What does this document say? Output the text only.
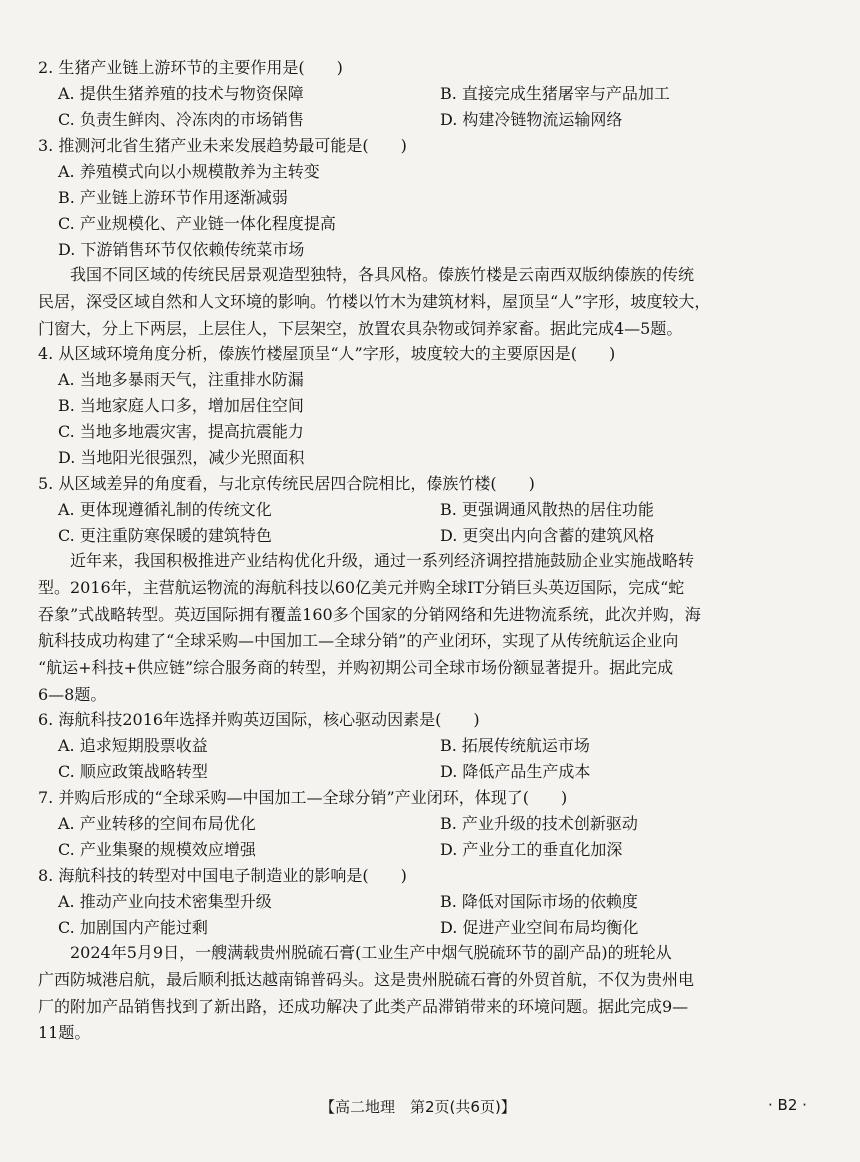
2. 生猪产业链上游环节的主要作用是(　　)
A. 提供生猪养殖的技术与物资保障	B. 直接完成生猪屠宰与产品加工
C. 负责生鲜肉、冷冻肉的市场销售	D. 构建冷链物流运输网络
3. 推测河北省生猪产业未来发展趋势最可能是(　　)
A. 养殖模式向以小规模散养为主转变
B. 产业链上游环节作用逐渐减弱
C. 产业规模化、产业链一体化程度提高
D. 下游销售环节仅依赖传统菜市场
　　我国不同区域的传统民居景观造型独特，各具风格。傣族竹楼是云南西双版纳傣族的传统
民居，深受区域自然和人文环境的影响。竹楼以竹木为建筑材料，屋顶呈“人”字形，坡度较大，
门窗大，分上下两层，上层住人，下层架空，放置农具杂物或饲养家畜。据此完成4—5题。
4. 从区域环境角度分析，傣族竹楼屋顶呈“人”字形，坡度较大的主要原因是(　　)
A. 当地多暴雨天气，注重排水防漏
B. 当地家庭人口多，增加居住空间
C. 当地多地震灾害，提高抗震能力
D. 当地阳光很强烈，减少光照面积
5. 从区域差异的角度看，与北京传统民居四合院相比，傣族竹楼(　　)
A. 更体现遵循礼制的传统文化	B. 更强调通风散热的居住功能
C. 更注重防寒保暖的建筑特色	D. 更突出内向含蓄的建筑风格
　　近年来，我国积极推进产业结构优化升级，通过一系列经济调控措施鼓励企业实施战略转
型。2016年，主营航运物流的海航科技以60亿美元并购全球IT分销巨头英迈国际，完成“蛇
吞象”式战略转型。英迈国际拥有覆盖160多个国家的分销网络和先进物流系统，此次并购，海
航科技成功构建了“全球采购—中国加工—全球分销”的产业闭环，实现了从传统航运企业向
“航运+科技+供应链”综合服务商的转型，并购初期公司全球市场份额显著提升。据此完成
6—8题。
6. 海航科技2016年选择并购英迈国际，核心驱动因素是(　　)
A. 追求短期股票收益	B. 拓展传统航运市场
C. 顺应政策战略转型	D. 降低产品生产成本
7. 并购后形成的“全球采购—中国加工—全球分销”产业闭环，体现了(　　)
A. 产业转移的空间布局优化	B. 产业升级的技术创新驱动
C. 产业集聚的规模效应增强	D. 产业分工的垂直化加深
8. 海航科技的转型对中国电子制造业的影响是(　　)
A. 推动产业向技术密集型升级	B. 降低对国际市场的依赖度
C. 加剧国内产能过剩	D. 促进产业空间布局均衡化
　　2024年5月9日，一艘满载贵州脱硫石膏(工业生产中烟气脱硫环节的副产品)的班轮从
广西防城港启航，最后顺利抵达越南锦普码头。这是贵州脱硫石膏的外贸首航，不仅为贵州电
厂的附加产品销售找到了新出路，还成功解决了此类产品滞销带来的环境问题。据此完成9—
11题。
【高二地理　第2页(共6页)】	· B2 ·
